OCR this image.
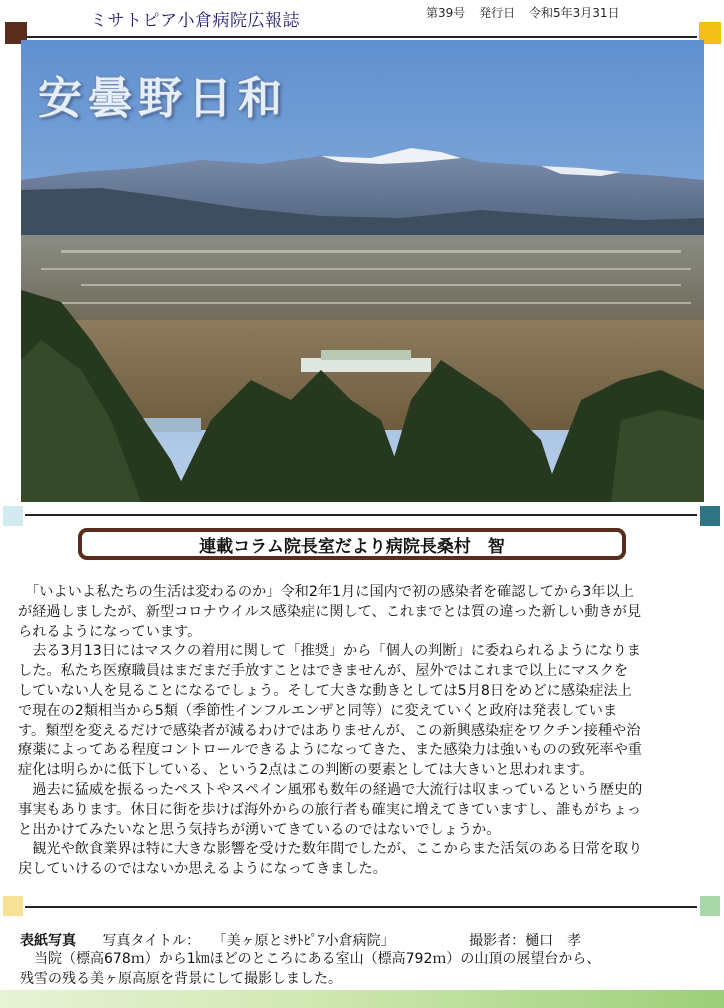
ミサトピア小倉病院広報誌	第39号 発行日 令和5年3月31日
安曇野日和
連載コラム 院長室だより 病院長 桑村　智
　「いよいよ私たちの生活は変わるのか」令和2年1月に国内で初の感染者を確認してから3年以上
が経過しましたが、新型コロナウイルス感染症に関して、これまでとは質の違った新しい動きが見
られるようになっています。
　去る3月13日にはマスクの着用に関して「推奨」から「個人の判断」に委ねられるようになりま
した。私たち医療職員はまだまだ手放すことはできませんが、屋外ではこれまで以上にマスクを
していない人を見ることになるでしょう。そして大きな動きとしては5月8日をめどに感染症法上
で現在の2類相当から5類（季節性インフルエンザと同等）に変えていくと政府は発表していま
す。類型を変えるだけで感染者が減るわけではありませんが、この新興感染症をワクチン接種や治
療薬によってある程度コントロールできるようになってきた、また感染力は強いものの致死率や重
症化は明らかに低下している、という2点はこの判断の要素としては大きいと思われます。
　過去に猛威を振るったペストやスペイン風邪も数年の経過で大流行は収まっているという歴史的
事実もあります。休日に街を歩けば海外からの旅行者も確実に増えてきていますし、誰もがちょっ
と出かけてみたいなと思う気持ちが湧いてきているのではないでしょうか。
　観光や飲食業界は特に大きな影響を受けた数年間でしたが、ここからまた活気のある日常を取り
戻していけるのではないか思えるようになってきました。
表紙写真 写真タイトル： 「美ヶ原とﾐｻﾄﾋﾟｱ小倉病院」	撮影者：樋口　孝
　当院（標高678ｍ）から1㎞ほどのところにある室山（標高792ｍ）の山頂の展望台から、
残雪の残る美ヶ原高原を背景にして撮影しました。
